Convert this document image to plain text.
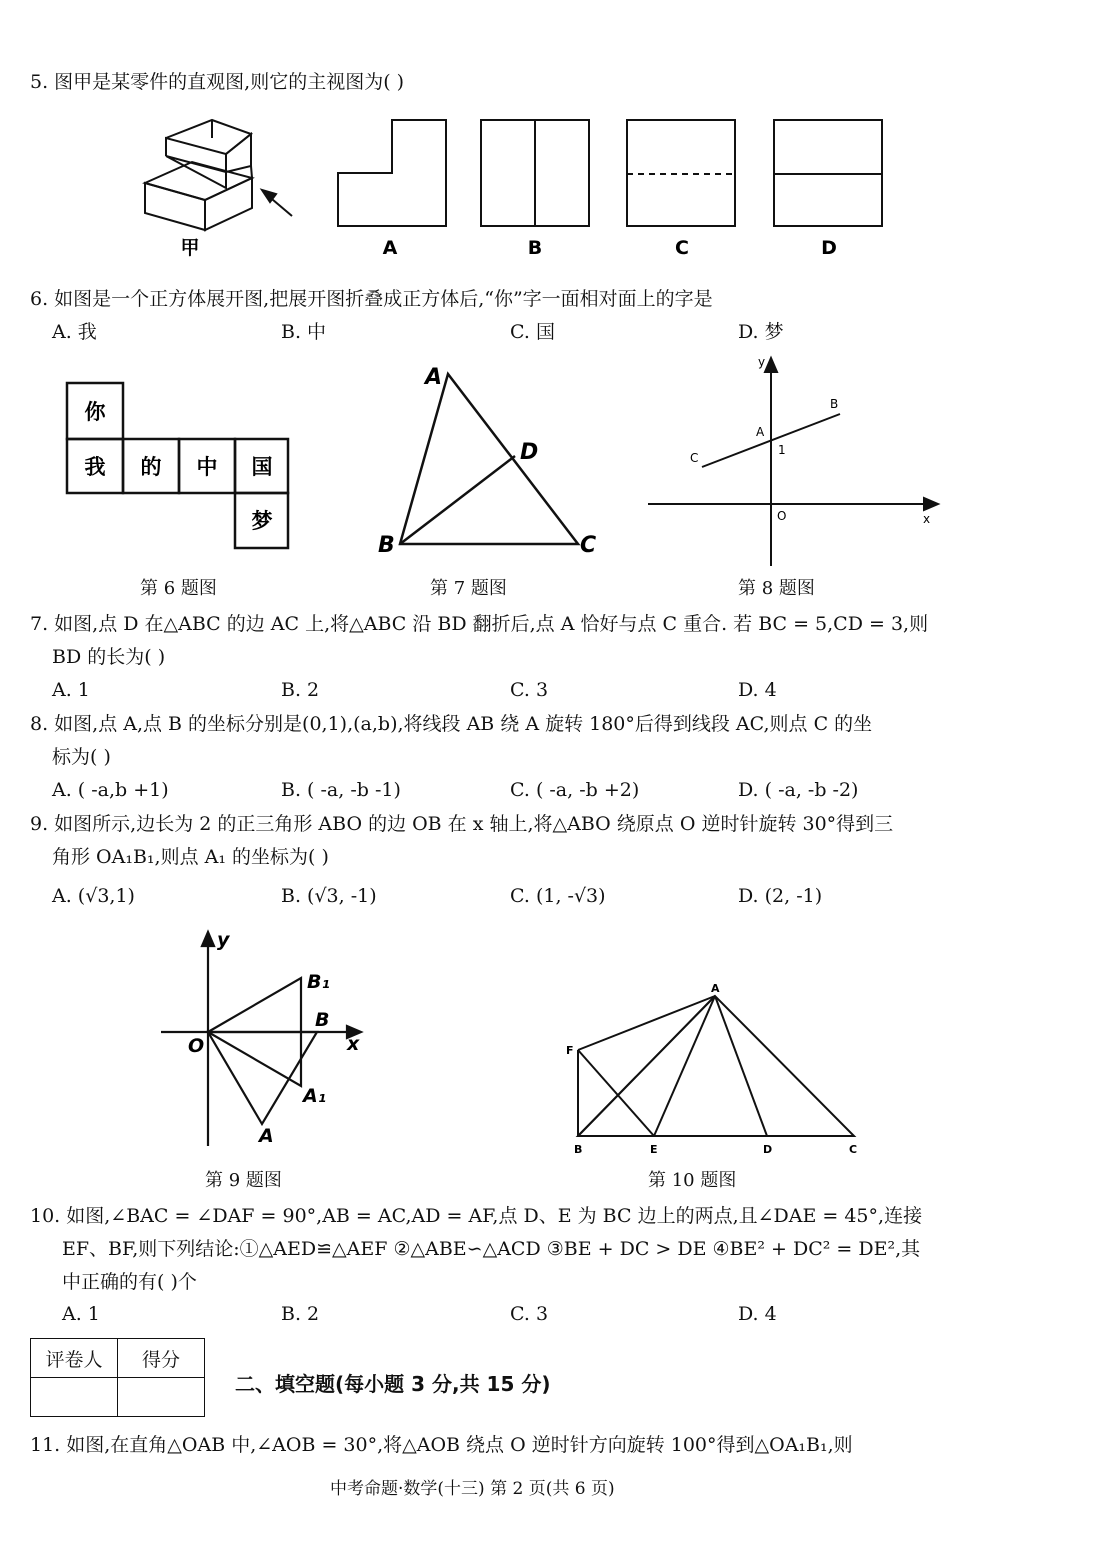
5. 图甲是某零件的直观图,则它的主视图为( )
甲	A	B	C	D
6. 如图是一个正方体展开图,把展开图折叠成正方体后,“你”字一面相对面上的字是
A. 我	B. 中	C. 国	D. 梦
你
我 的 中 国
梦
A
B	C
D
y
B
A
1
C
O	x
第 6 题图	第 7 题图	第 8 题图
7. 如图,点 D 在△ABC 的边 AC 上,将△ABC 沿 BD 翻折后,点 A 恰好与点 C 重合. 若 BC = 5,CD = 3,则
BD 的长为( )
A. 1	B. 2	C. 3	D. 4
8. 如图,点 A,点 B 的坐标分别是(0,1),(a,b),将线段 AB 绕 A 旋转 180°后得到线段 AC,则点 C 的坐
标为( )
A. ( -a,b +1)	B. ( -a, -b -1)	C. ( -a, -b +2)	D. ( -a, -b -2)
9. 如图所示,边长为 2 的正三角形 ABO 的边 OB 在 x 轴上,将△ABO 绕原点 O 逆时针旋转 30°得到三
角形 OA₁B₁,则点 A₁ 的坐标为( )
A. (√3,1)	B. (√3, -1)	C. (1, -√3)	D. (2, -1)
y
B₁
B
O	x
A₁
A
A
F
B	E	D	C
第 9 题图	第 10 题图
10. 如图,∠BAC = ∠DAF = 90°,AB = AC,AD = AF,点 D、E 为 BC 边上的两点,且∠DAE = 45°,连接
EF、BF,则下列结论:①△AED≌△AEF ②△ABE∽△ACD ③BE + DC > DE ④BE² + DC² = DE²,其
中正确的有( )个
A. 1	B. 2	C. 3	D. 4
评卷人	得分

二、填空题(每小题 3 分,共 15 分)
11. 如图,在直角△OAB 中,∠AOB = 30°,将△AOB 绕点 O 逆时针方向旋转 100°得到△OA₁B₁,则
中考命题·数学(十三) 第 2 页(共 6 页)
